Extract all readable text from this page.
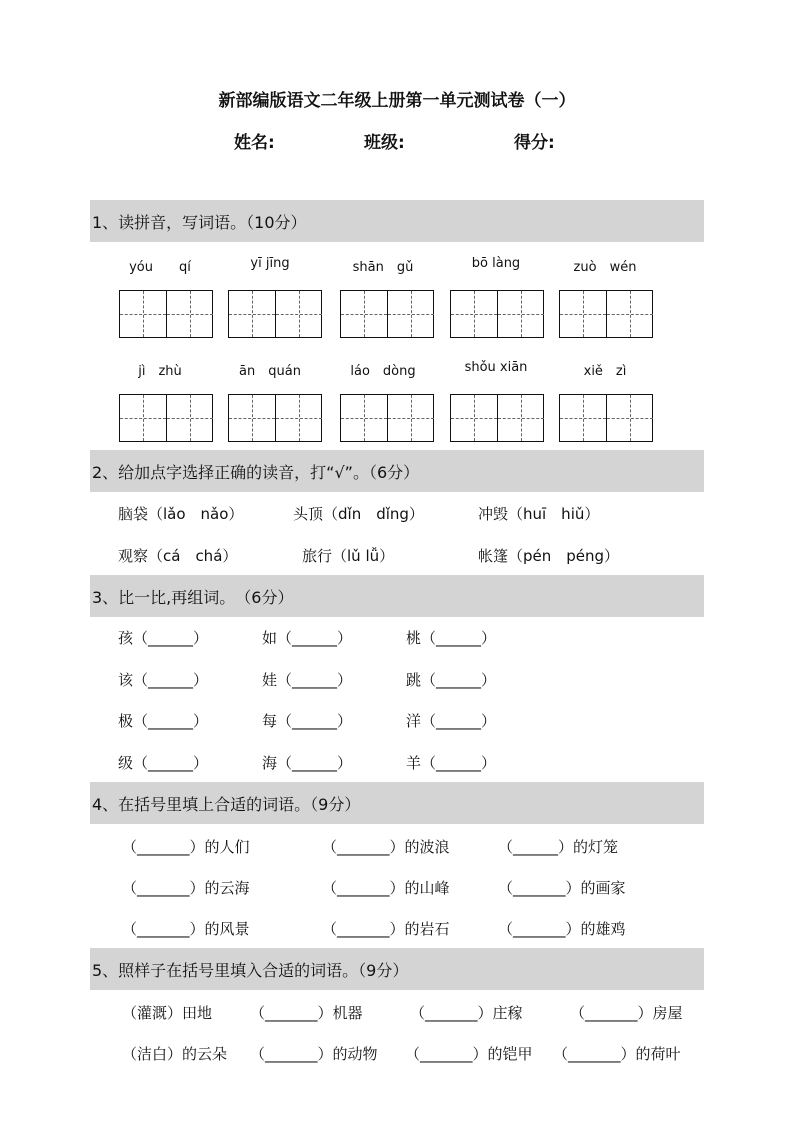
新部编版语文二年级上册第一单元测试卷（一）
姓名:	班级:	得分:
1、读拼音，写词语。（10分）
yóu　　qí	yī jīng	shān　gǔ	bō làng	zuò　wén
jì　zhù	ān　quán	láo　dòng	shǒu xiān	xiě　zì
2、给加点字选择正确的读音，打“√”。（6分）
脑袋（lǎo　nǎo）	头顶（dǐn　dǐng）	冲毁（huī　hiǔ）
观察（cá　chá）	旅行（lǔ lǚ）	帐篷（pén　péng）
3、比一比,再组词。　（6分）
孩（______）	如（______）	桃（______）
该（______）	娃（______）	跳（______）
极（______）	每（______）	洋（______）
级（______）	海（______）	羊（______）
4、在括号里填上合适的词语。（9分）
（_______）的人们	（_______）的波浪	（______）的灯笼
（_______）的云海	（_______）的山峰	（_______）的画家
（_______）的风景	（_______）的岩石	（_______）的雄鸡
5、照样子在括号里填入合适的词语。（9分）
（灌溉）田地	（_______）机器	（_______）庄稼	（_______）房屋
（洁白）的云朵 （_______）的动物 （_______）的铠甲 （_______）的荷叶
